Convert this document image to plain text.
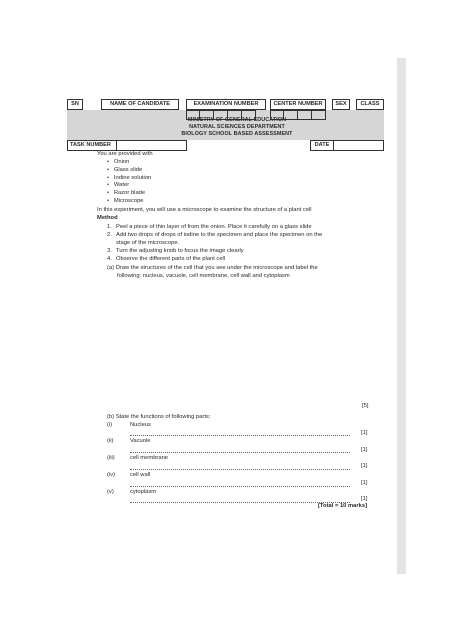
SN	NAME OF CANDIDATE	EXAMINATION NUMBER	CENTER NUMBER	SEX	CLASS
MINISTRY OF GENERAL EDUCATION
NATURAL SCIENCES DEPARTMENT
BIOLOGY SCHOOL BASED ASSESSMENT
TASK NUMBER	DATE
You are provided with
•   Onion
•   Glass slide
•   Iodine solution
•   Water
•   Razor blade
•   Microscope
In this experiment, you will use a microscope to examine the structure of a plant cell
Method
1. Peel a piece of thin layer of from the onion. Place it carefully on a glass slide
2. Add two drops of drops of iodine to the specimen and place the specimen on the
stage of the microscope.
3. Turn the adjusting knob to focus the image clearly
4. Observe the different parts of the plant cell
(a) Draw the structures of the cell that you see under the microscope and label the
following: nucleus, vacuole, cell membrane, cell wall and cytoplasm
[5]
(b) State the functions of following parts:
(i)	Nucleus
[1]
(ii)	Vacuole
[1]
(iii)	cell membrane
[1]
(iv)	cell wall
[1]
(v)	cytoplasm
[1]
[Total = 10 marks]
